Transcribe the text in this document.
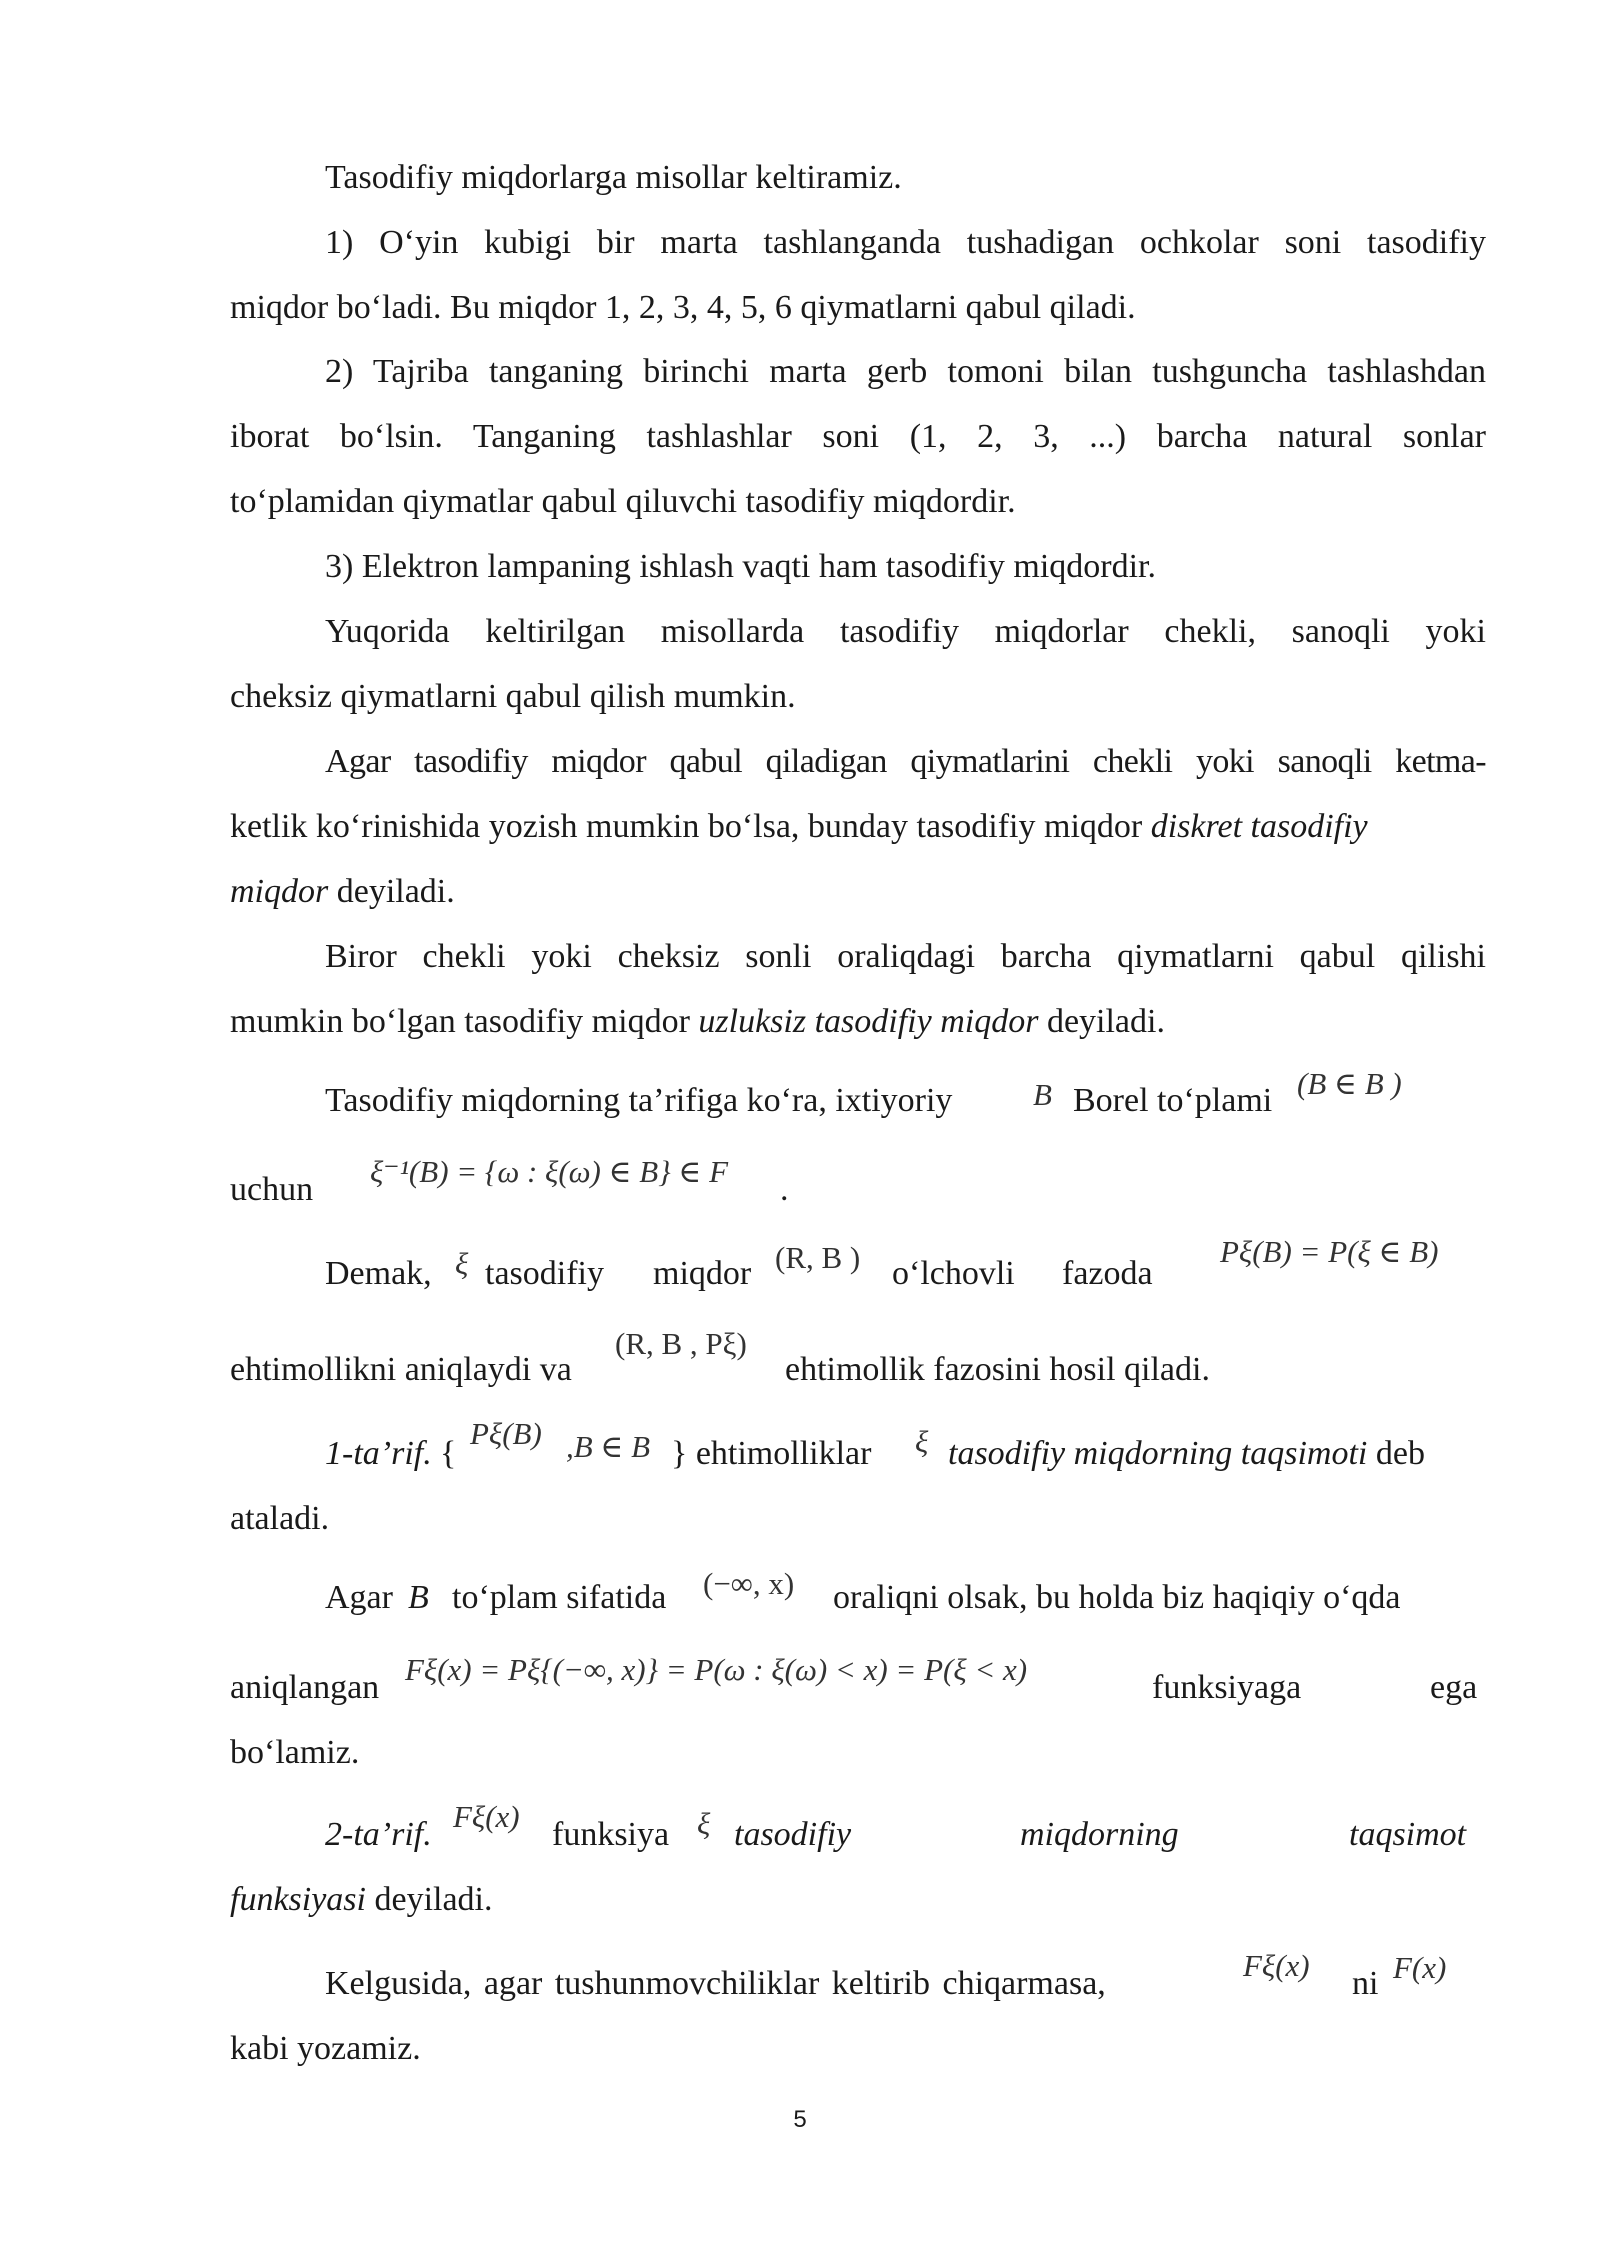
Tasodifiy miqdorlarga misollar keltiramiz.
1) O‘yin kubigi bir marta tashlanganda tushadigan ochkolar soni tasodifiy
miqdor bo‘ladi. Bu miqdor 1, 2, 3, 4, 5, 6 qiymatlarni qabul qiladi.
2) Tajriba tanganing birinchi marta gerb tomoni bilan tushguncha tashlashdan
iborat bo‘lsin. Tanganing tashlashlar soni (1, 2, 3, ...) barcha natural sonlar
to‘plamidan qiymatlar qabul qiluvchi tasodifiy miqdordir.
3) Elektron lampaning ishlash vaqti ham tasodifiy miqdordir.
Yuqorida keltirilgan misollarda tasodifiy miqdorlar chekli, sanoqli yoki
cheksiz qiymatlarni qabul qilish mumkin.
Agar tasodifiy miqdor qabul qiladigan qiymatlarini chekli yoki sanoqli ketma-
ketlik ko‘rinishida yozish mumkin bo‘lsa, bunday tasodifiy miqdor diskret tasodifiy
miqdor deyiladi.
Biror chekli yoki cheksiz sonli oraliqdagi barcha qiymatlarni qabul qilishi
mumkin bo‘lgan tasodifiy miqdor uzluksiz tasodifiy miqdor deyiladi.
Tasodifiy miqdorning ta’rifiga ko‘ra, ixtiyoriy	B Borel to‘plami (B ∈ B )
uchun ξ⁻¹(B) = {ω : ξ(ω) ∈ B} ∈ F .
Demak, ξ tasodifiy miqdor (R, B ) o‘lchovli fazoda
Pξ(B) = P(ξ ∈ B)
ehtimollikni aniqlaydi va
(R, B , Pξ)
ehtimollik fazosini hosil qiladi.
1-ta’rif. {
Pξ(B) ,B ∈ B } ehtimolliklar ξ tasodifiy miqdorning taqsimoti deb
ataladi.
Agar B to‘plam sifatida (−∞, x) oraliqni olsak, bu holda biz haqiqiy o‘qda
aniqlangan Fξ(x) = Pξ{(−∞, x)} = P(ω : ξ(ω) < x) = P(ξ < x)	funksiyaga	ega
bo‘lamiz.
2-ta’rif. Fξ(x) funksiya ξ tasodifiy	miqdorning	taqsimot
funksiyasi deyiladi.
Kelgusida, agar tushunmovchiliklar keltirib chiqarmasa,	Fξ(x) ni F(x)
kabi yozamiz.
5
